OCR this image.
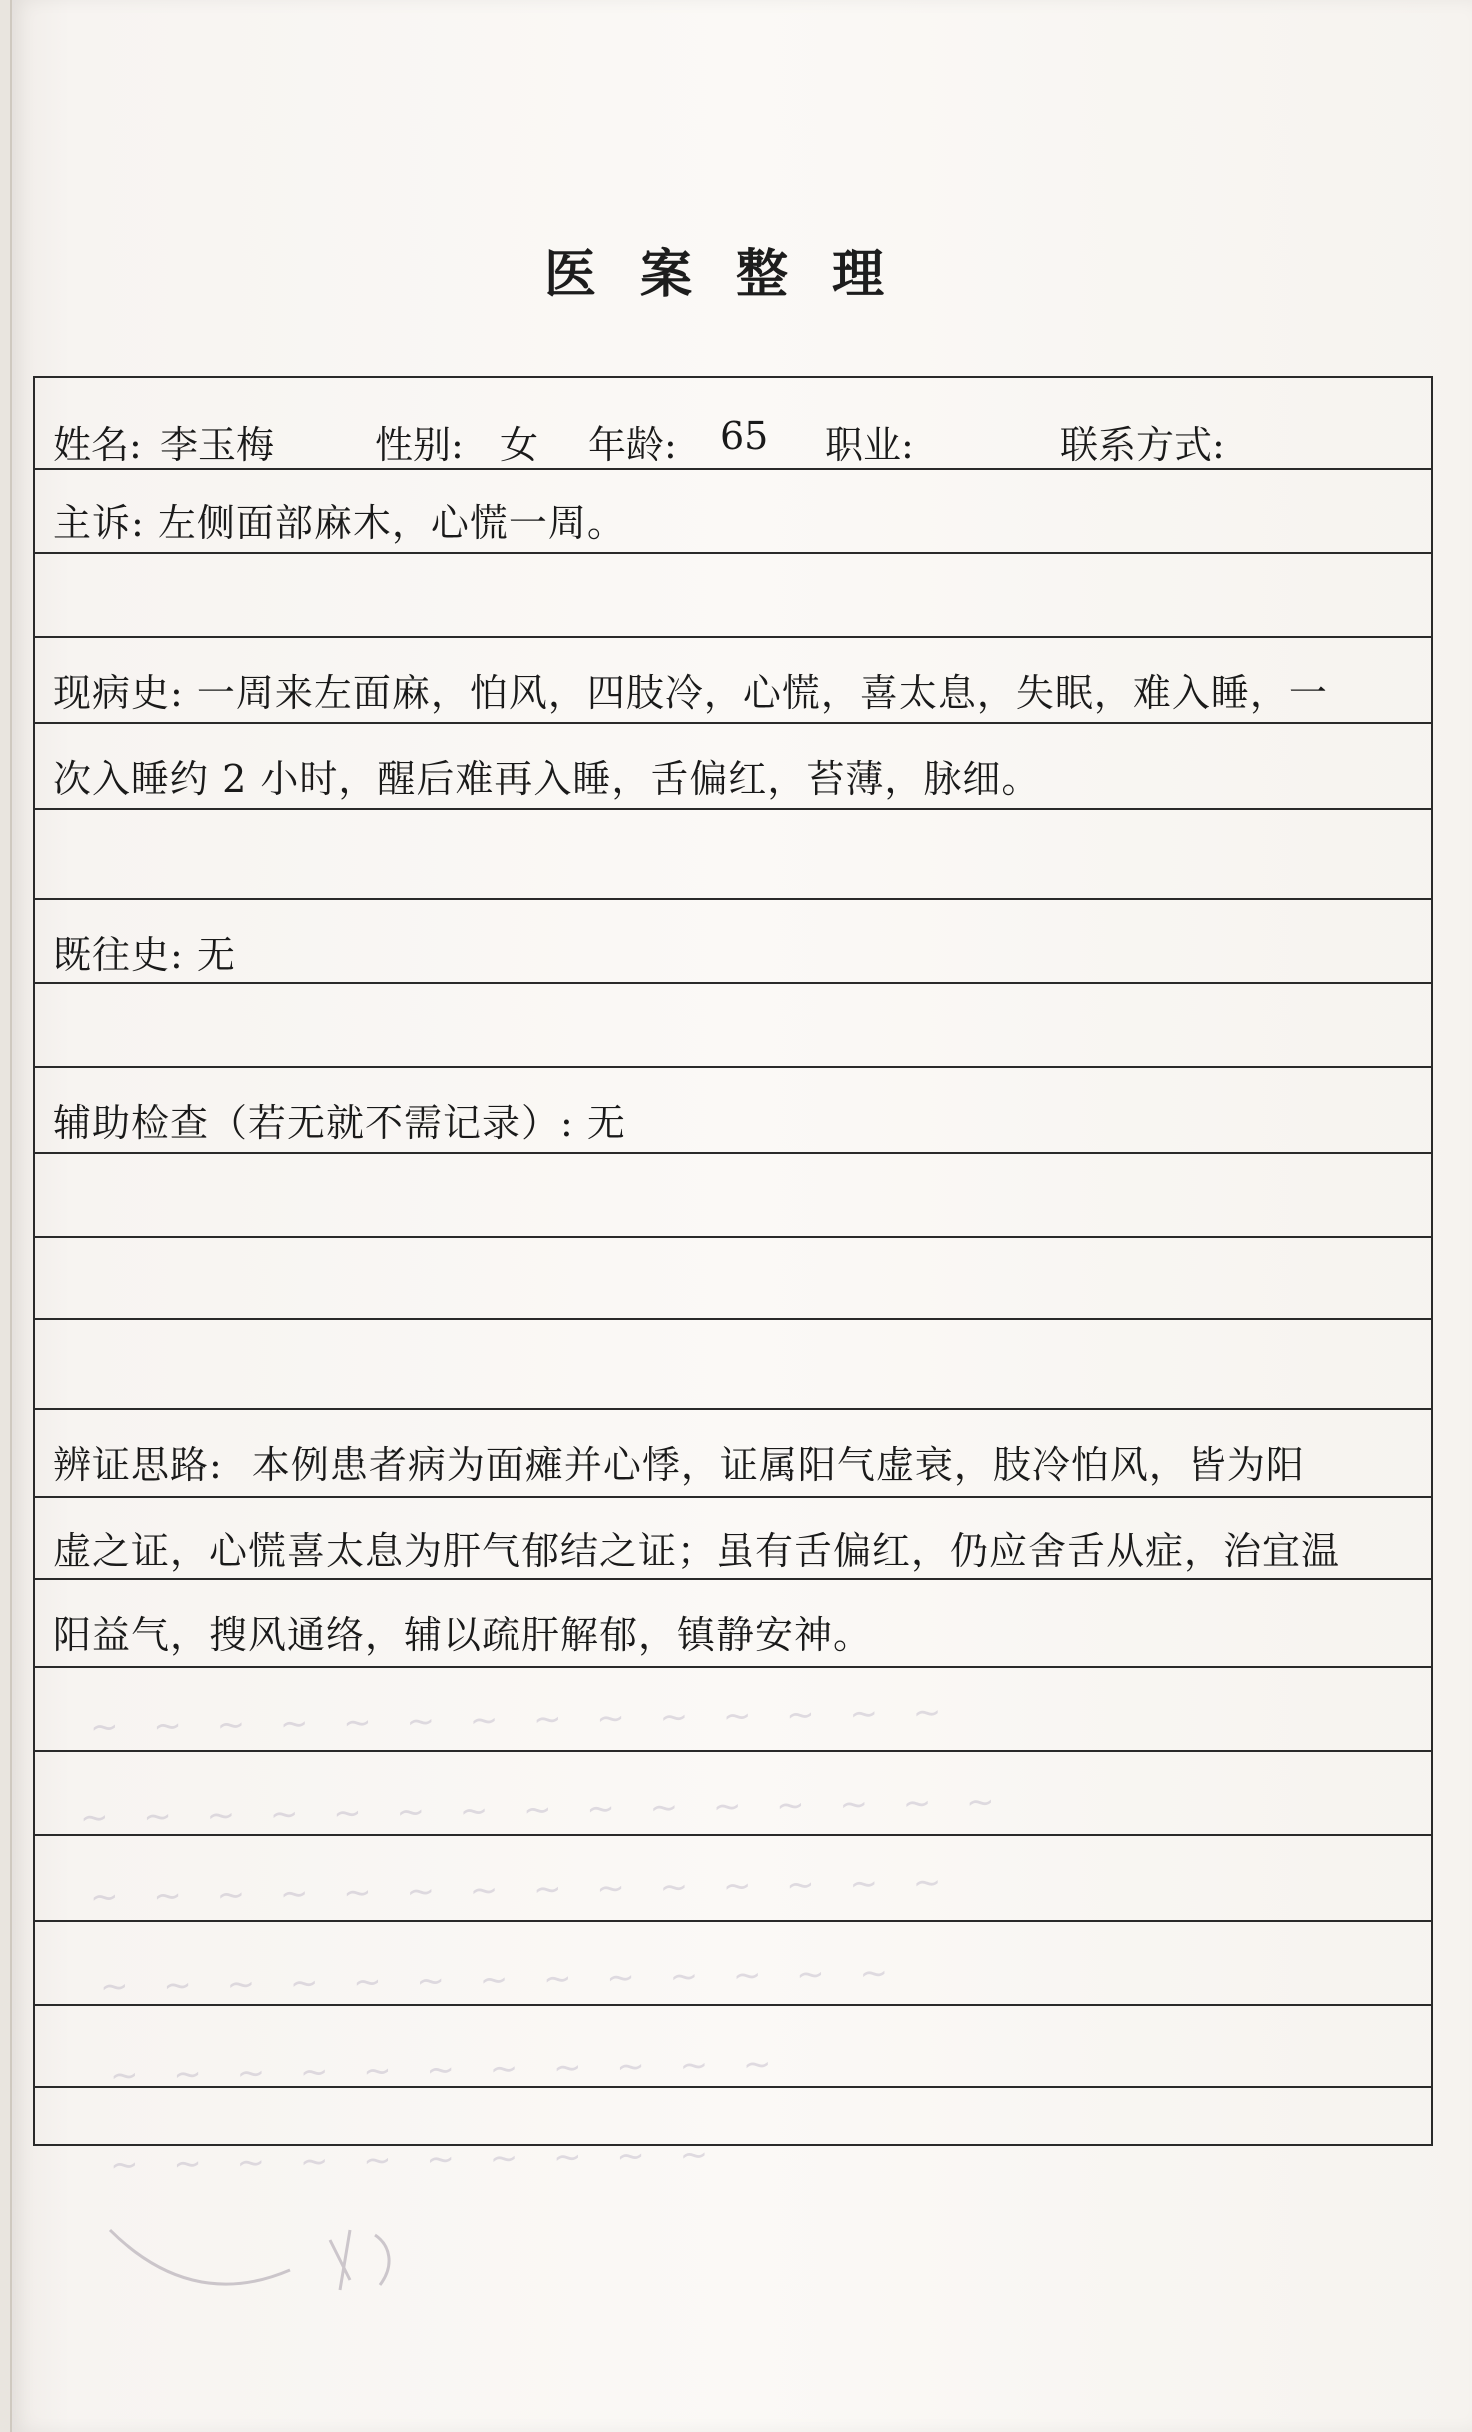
~ ~ ~ ~ ~ ~ ~ ~ ~ ~ ~ ~ ~ ~
~ ~ ~ ~ ~ ~ ~ ~ ~ ~ ~ ~ ~ ~ ~
~ ~ ~ ~ ~ ~ ~ ~ ~ ~ ~ ~ ~ ~
~ ~ ~ ~ ~ ~ ~ ~ ~ ~ ~ ~ ~
~ ~ ~ ~ ~ ~ ~ ~ ~ ~ ~
~ ~ ~ ~ ~ ~ ~ ~ ~ ~
医案整理
姓名: 李玉梅	性别: 女 年龄: 65 职业:	联系方式:
主诉: 左侧面部麻木，心慌一周。
现病史: 一周来左面麻，怕风，四肢冷，心慌，喜太息，失眠，难入睡，一
次入睡约 2 小时，醒后难再入睡，舌偏红，苔薄，脉细。
既往史: 无
辅助检查（若无就不需记录）: 无
辨证思路: 本例患者病为面瘫并心悸，证属阳气虚衰，肢冷怕风，皆为阳
虚之证，心慌喜太息为肝气郁结之证；虽有舌偏红，仍应舍舌从症，治宜温
阳益气，搜风通络，辅以疏肝解郁，镇静安神。
